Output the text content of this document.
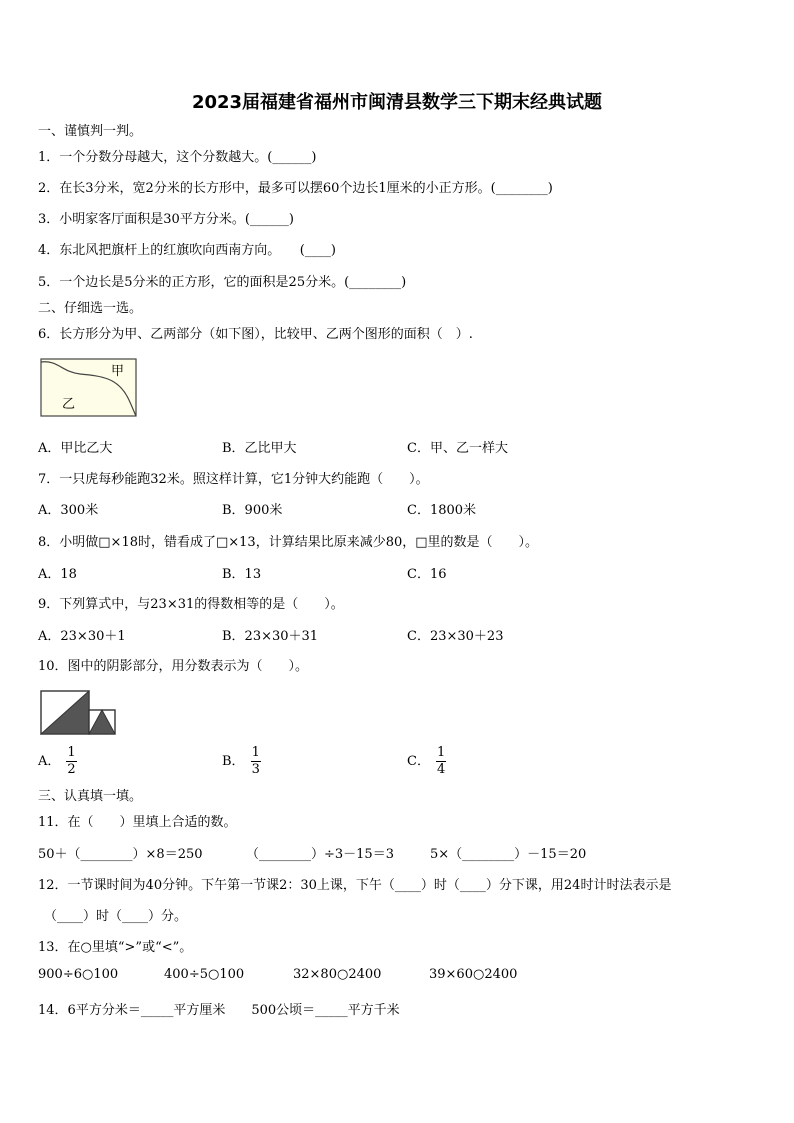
2023届福建省福州市闽清县数学三下期末经典试题
一、谨慎判一判。
1．一个分数分母越大，这个分数越大。(______)
2．在长3分米，宽2分米的长方形中，最多可以摆60个边长1厘米的小正方形。(________)
3．小明家客厅面积是30平方分米。(______)
4．东北风把旗杆上的红旗吹向西南方向。　　(____)
5．一个边长是5分米的正方形，它的面积是25分米。(________)
二、仔细选一选。
6．长方形分为甲、乙两部分（如下图），比较甲、乙两个图形的面积（　）.
甲
乙
A．甲比乙大	B．乙比甲大	C．甲、乙一样大
7．一只虎每秒能跑32米。照这样计算，它1分钟大约能跑（　　）。
A．300米	B．900米	C．1800米
8．小明做□×18时，错看成了□×13，计算结果比原来减少80，□里的数是（　　）。
A．18	B．13	C．16
9．下列算式中，与23×31的得数相等的是（　　）。
A．23×30＋1	B．23×30＋31	C．23×30＋23
10．图中的阴影部分，用分数表示为（　　）。
A． $\frac{1}{2}$	B． $\frac{1}{3}$	C． $\frac{1}{4}$
三、认真填一填。
11．在（　　）里填上合适的数。
50＋（________）×8＝250	（________）÷3－15＝3	5×（________）－15＝20
12．一节课时间为40分钟。下午第一节课2：30上课，下午（____）时（____）分下课，用24时计时法表示是
（____）时（____）分。
13．在○里填“>”或“<”。
900÷6○100	400÷5○100	32×80○2400	39×60○2400
14．6平方分米＝_____平方厘米　　500公顷＝_____平方千米
